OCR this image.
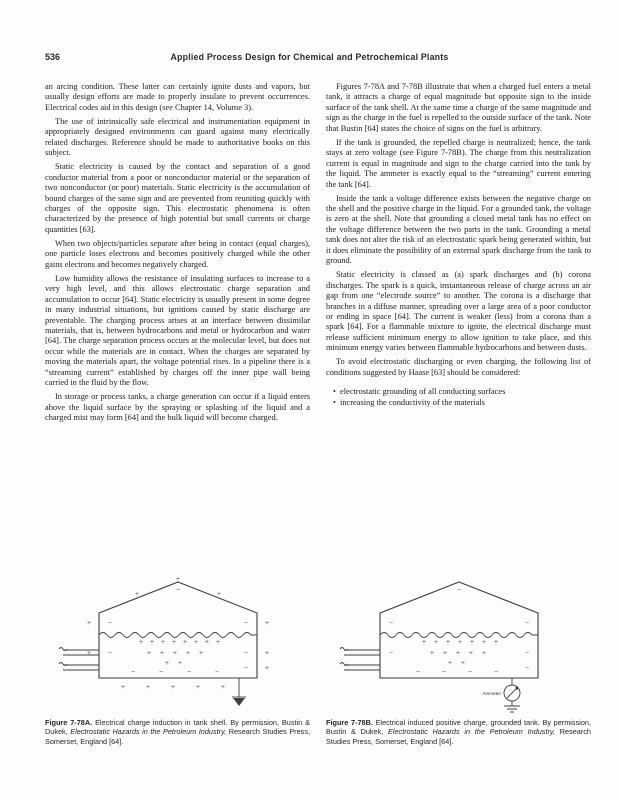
536	Applied Process Design for Chemical and Petrochemical Plants

an arcing condition. These latter can certainly ignite dusts and vapors, but usually design efforts are made to properly insulate to prevent occurrences. Electrical codes aid in this design (see Chapter 14, Volume 3).

The use of intrinsically safe electrical and instrumentation equipment in appropriately designed environments can guard against many electrically related discharges. Reference should be made to authoritative books on this subject.

Static electricity is caused by the contact and separation of a good conductor material from a poor or nonconductor material or the separation of two nonconductor (or poor) materials. Static electricity is the accumulation of bound charges of the same sign and are prevented from reuniting quickly with charges of the opposite sign. This electrostatic phenomena is often characterized by the presence of high potential but small currents or charge quantities [63].

When two objects/particles separate after being in contact (equal charges), one particle loses electrons and becomes positively charged while the other gains electrons and becomes negatively charged.

Low humidity allows the resistance of insulating surfaces to increase to a very high level, and this allows electrostatic charge separation and accumulation to occur [64]. Static electricity is usually present in some degree in many industrial situations, but ignitions caused by static discharge are preventable. The charging process arises at an interface between dissimilar materials, that is, between hydrocarbons and metal or hydrocarbon and water [64]. The charge separation process occurs at the molecular level, but does not occur while the materials are in contact. When the charges are separated by moving the materials apart, the voltage potential rises. In a pipeline there is a “streaming current” established by charges off the inner pipe wall being carried in the fluid by the flow.

In storage or process tanks, a charge generation can occur if a liquid enters above the liquid surface by the spraying or splashing of the liquid and a charged mist may form [64] and the bulk liquid will become charged.

Figures 7-78A and 7-78B illustrate that when a charged fuel enters a metal tank, it attracts a charge of equal magnitude but opposite sign to the inside surface of the tank shell. At the same time a charge of the same magnitude and sign as the charge in the fuel is repelled to the outside surface of the tank. Note that Bustin [64] states the choice of signs on the fuel is arbitrary.

If the tank is grounded, the repelled charge is neutralized; hence, the tank stays at zero voltage (see Figure 7-78B). The charge from this neutralization current is equal in magnitude and sign to the charge carried into the tank by the liquid. The ammeter is exactly equal to the “streaming” current entering the tank [64].

Inside the tank a voltage difference exists between the negative charge on the shell and the positive charge in the liquid. For a grounded tank, the voltage is zero at the shell. Note that grounding a closed metal tank has no effect on the voltage difference between the two parts in the tank. Grounding a metal tank does not alter the risk of an electrostatic spark being generated within, but it does eliminate the possibility of an external spark discharge from the tank to ground.

Static electricity is classed as (a) spark discharges and (b) corona discharges. The spark is a quick, instantaneous release of charge across an air gap from one “electrode source” to another. The corona is a discharge that branches in a diffuse manner, spreading over a large area of a poor conductor or ending in space [64]. The current is weaker (less) from a corona than a spark [64]. For a flammable mixture to ignite, the electrical discharge must release sufficient minimum energy to allow ignition to take place, and this minimum energy varies between flammable hydrocarbons and between dusts.

To avoid electrostatic discharging or even charging, the following list of conditions suggested by Haase [63] should be considered:

• electrostatic grounding of all conducting surfaces
• increasing the conductivity of the materials
+
+	+
−
+	+
−	−
+	+
−	−
+
−
−	−	−	−
+	+	+	+	+
+ + + + + + + +
+ + + + +
+ +
Figure 7-78A. Electrical charge induction in tank shell. By permission, Bustin & Dukek, Electrostatic Hazards in the Petroleum Industry, Research Studies Press, Somerset, England [64].
Ammeter
−
−	−
−	−
−
−	−	−	−
+ + + + + + +
+ + + + +
+ +
Figure 7-78B. Electrical induced positive charge, grounded tank. By permission, Bustin & Dukek, Electrostatic Hazards in the Petroleum Industry, Research Studies Press, Somerset, England [64].
